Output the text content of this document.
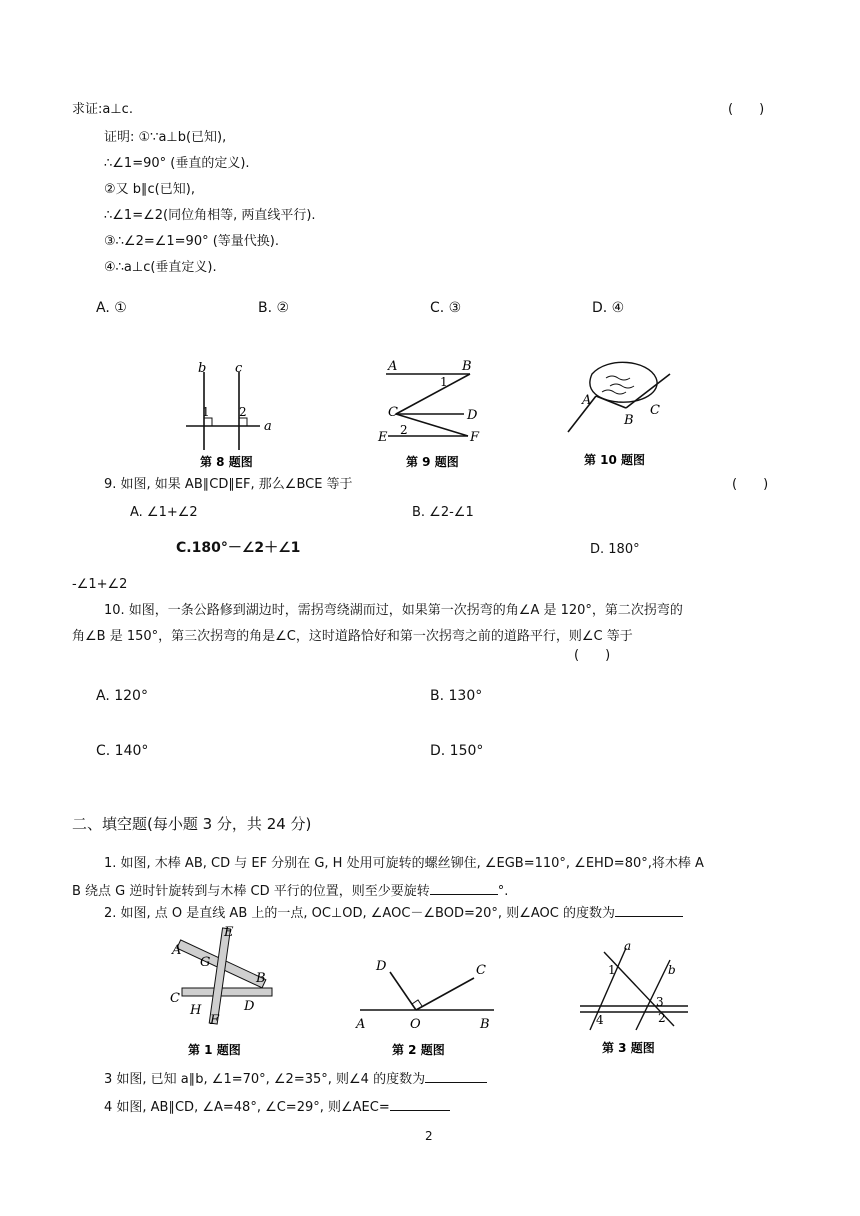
求证:a⊥c.	(　　)
证明: ①∵a⊥b(已知),
∴∠1=90° (垂直的定义).
②又 b∥c(已知),
∴∠1=∠2(同位角相等, 两直线平行).
③∴∠2=∠1=90° (等量代换).
④∴a⊥c(垂直定义).
A. ①	B. ②	C. ③	D. ④
b c
a
1 2
第 8 题图
A	B
1
C	D
E 2	F
第 9 题图
A
B
C
第 10 题图
9. 如图, 如果 AB∥CD∥EF, 那么∠BCE 等于	(　　)
A. ∠1+∠2	B. ∠2-∠1
C.180°－∠2＋∠1	D. 180°
-∠1+∠2
10. 如图，一条公路修到湖边时，需拐弯绕湖而过，如果第一次拐弯的角∠A 是 120°，第二次拐弯的
角∠B 是 150°，第三次拐弯的角是∠C，这时道路恰好和第一次拐弯之前的道路平行，则∠C 等于
(　　)
A. 120°	B. 130°
C. 140°	D. 150°
二、填空题(每小题 3 分，共 24 分)
1. 如图, 木棒 AB, CD 与 EF 分别在 G, H 处用可旋转的螺丝铆住, ∠EGB=110°, ∠EHD=80°,将木棒 A
B 绕点 G 逆时针旋转到与木棒 CD 平行的位置，则至少要旋转	°.
2. 如图, 点 O 是直线 AB 上的一点, OC⊥OD, ∠AOC－∠BOD=20°, 则∠AOC 的度数为
A
E
G
B
C
H	D
F
第 1 题图
D	C
A	O	B
第 2 题图
a
b
1
3
2
4
第 3 题图
3 如图, 已知 a∥b, ∠1=70°, ∠2=35°, 则∠4 的度数为
4 如图, AB∥CD, ∠A=48°, ∠C=29°, 则∠AEC=
2
